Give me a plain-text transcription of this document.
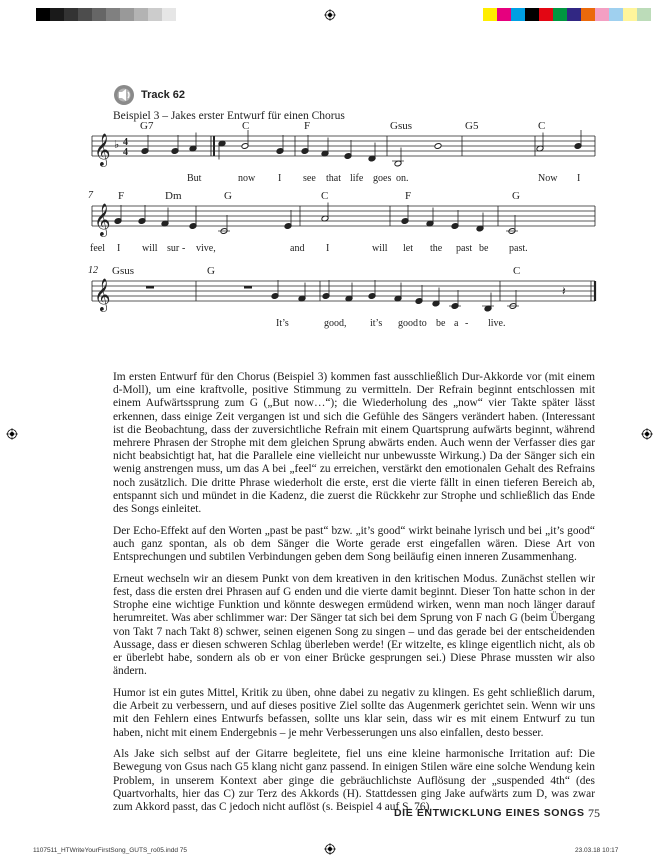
Track 62
Beispiel 3 – Jakes erster Entwurf für einen Chorus
𝄞 ♭ 4
4
G7	C	F	Gsus	G5	C
But	now I see that life goes on.	Now I
𝄞
7 F	Dm	G	C	F	G
feel I will sur - vive,	and I	will let the past be past.
𝄞
12 Gsus	G	C
𝄽
It’s	good, it’s good to be a - live.

Im ersten Entwurf für den Chorus (Beispiel 3) kommen fast ausschließlich Dur-Akkorde vor (mit einem d-Moll), um eine kraftvolle, positive Stimmung zu vermitteln. Der Refrain beginnt entschlossen mit einem Aufwärtssprung zum G („But now…“); die Wiederholung des „now“ vier Takte später lässt erkennen, dass einige Zeit vergangen ist und sich die Gefühle des Sängers verändert haben. (Interessant ist die Beobachtung, dass der zuversichtliche Refrain mit einem Quartsprung aufwärts beginnt, während mehrere Phrasen der Strophe mit dem gleichen Sprung abwärts enden. Auch wenn der Verfasser dies gar nicht beabsichtigt hat, hat die Parallele eine vielleicht nur unbewusste Wirkung.) Da der Sänger sich ein wenig anstrengen muss, um das A bei „feel“ zu erreichen, verstärkt den emotionalen Gehalt des Refrains noch zusätzlich. Die dritte Phrase wiederholt die erste, erst die vierte fällt in einen tieferen Bereich ab, entspannt sich und mündet in die Kadenz, die zuerst die Rückkehr zur Strophe und schließlich das Ende des Songs einleitet.

Der Echo-Effekt auf den Worten „past be past“ bzw. „it’s good“ wirkt beinahe lyrisch und bei „it’s good“ auch ganz spontan, als ob dem Sänger die Worte gerade erst eingefallen wären. Diese Art von Entsprechungen und subtilen Verbindungen geben dem Song beiläufig einen inneren Zusammenhang.

Erneut wechseln wir an diesem Punkt von dem kreativen in den kritischen Modus. Zunächst stellen wir fest, dass die ersten drei Phrasen auf G enden und die vierte damit beginnt. Dieser Ton hatte schon in der Strophe eine wichtige Funktion und könnte deswegen ermüdend wirken, wenn man noch länger darauf herumreitet. Was aber schlimmer war: Der Sänger tat sich bei dem Sprung von F nach G (beim Übergang von Takt 7 nach Takt 8) schwer, seinen eigenen Song zu singen – und das gerade bei der entscheidenden Aussage, dass er diesen schweren Schlag überleben werde! (Er witzelte, es klinge eigentlich nicht, als ob er überlebt habe, sondern als ob er von einer Brücke gesprungen sei.) Diese Phrase mussten wir also ändern.

Humor ist ein gutes Mittel, Kritik zu üben, ohne dabei zu negativ zu klingen. Es geht schließlich darum, die Arbeit zu verbessern, und auf dieses positive Ziel sollte das Augenmerk gerichtet sein. Wenn wir uns mit den Fehlern eines Entwurfs befassen, sollte uns klar sein, dass wir es mit einem Entwurf zu tun haben, nicht mit einem Endergebnis – je mehr Verbesserungen uns also einfallen, desto besser.

Als Jake sich selbst auf der Gitarre begleitete, fiel uns eine kleine harmonische Irritation auf: Die Bewegung von Gsus nach G5 klang nicht ganz passend. In einigen Stilen wäre eine solche Wendung kein Problem, in unserem Kontext aber ginge die gebräuchlichste Auflösung der „suspended 4th“ (des Quartvorhalts, hier das C) zur Terz des Akkords (H). Stattdessen ging Jake aufwärts zum D, was zwar zum Akkord passt, das C jedoch nicht auflöst (s. Beispiel 4 auf S. 76).

DIE ENTWICKLUNG EINES SONGS 75
1107511_HTWriteYourFirstSong_GUTS_ro05.indd 75	23.03.18 10:17
